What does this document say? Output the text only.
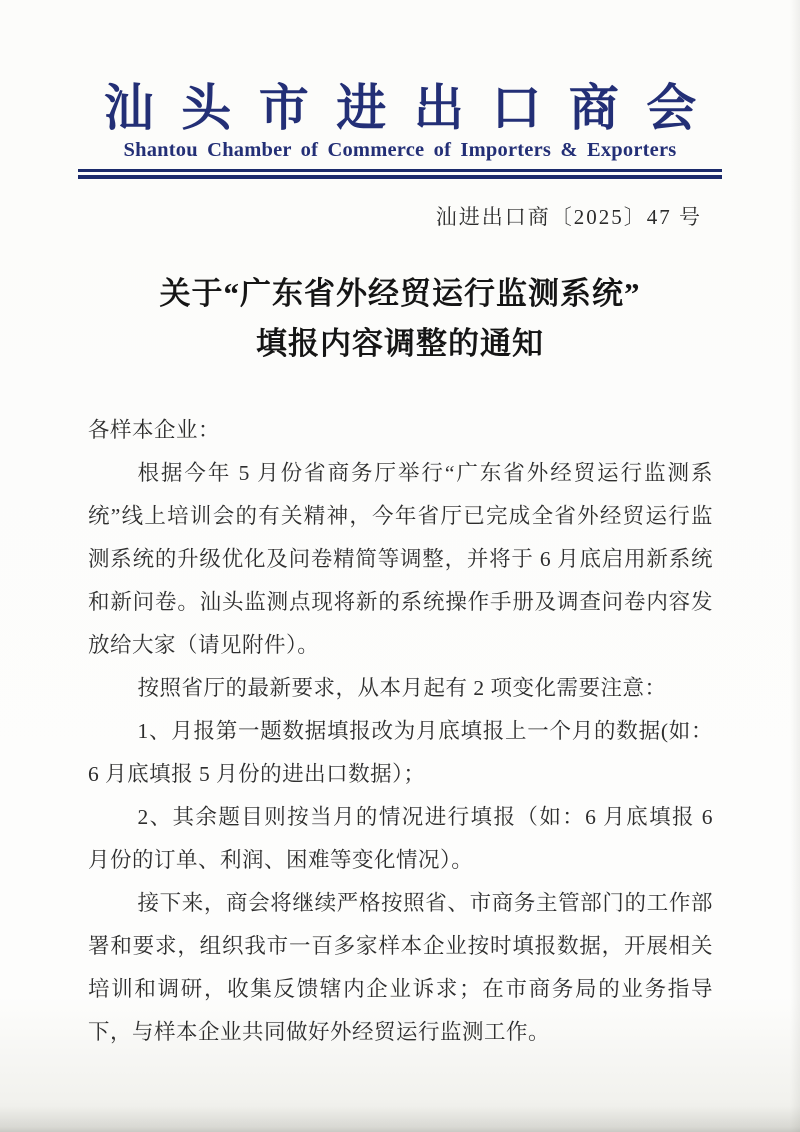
汕头市进出口商会
Shantou Chamber of Commerce of Importers & Exporters
汕进出口商〔2025〕47 号
关于“广东省外经贸运行监测系统”
填报内容调整的通知

各样本企业：

根据今年 5 月份省商务厅举行“广东省外经贸运行监测系统”线上培训会的有关精神，今年省厅已完成全省外经贸运行监测系统的升级优化及问卷精简等调整，并将于 6 月底启用新系统和新问卷。汕头监测点现将新的系统操作手册及调查问卷内容发放给大家（请见附件）。

按照省厅的最新要求，从本月起有 2 项变化需要注意：

1、月报第一题数据填报改为月底填报上一个月的数据(如：6 月底填报 5 月份的进出口数据）；

2、其余题目则按当月的情况进行填报（如：6 月底填报 6 月份的订单、利润、困难等变化情况）。

接下来，商会将继续严格按照省、市商务主管部门的工作部署和要求，组织我市一百多家样本企业按时填报数据，开展相关培训和调研，收集反馈辖内企业诉求；在市商务局的业务指导下，与样本企业共同做好外经贸运行监测工作。
